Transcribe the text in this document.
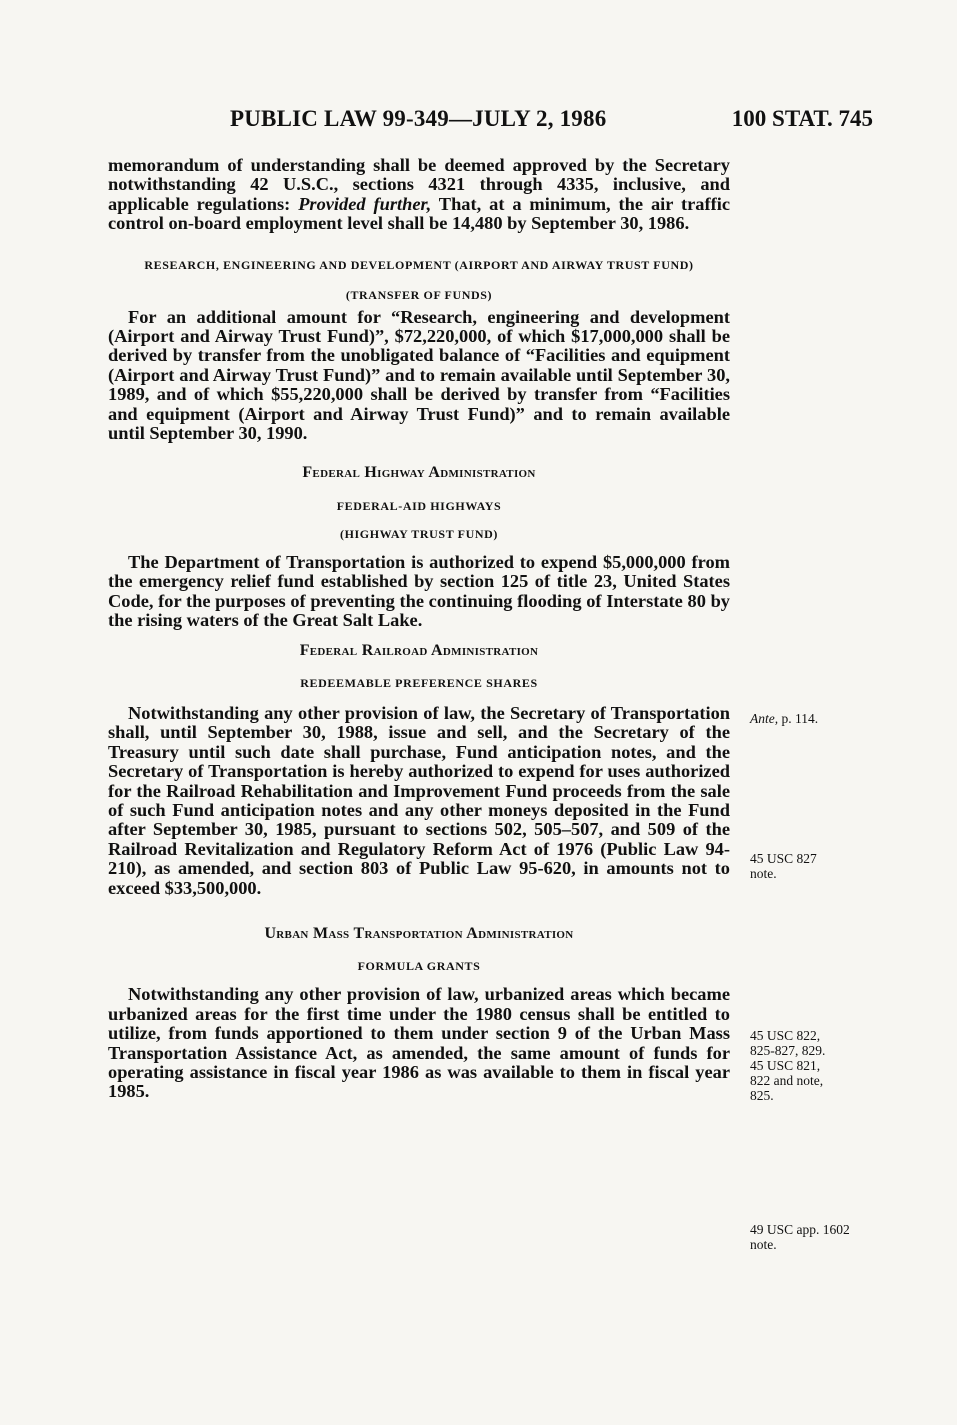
PUBLIC LAW 99-349—JULY 2, 1986	100 STAT. 745

memorandum of understanding shall be deemed approved by the Secretary notwithstanding 42 U.S.C., sections 4321 through 4335, inclusive, and applicable regulations: Provided further, That, at a minimum, the air traffic control on-board employment level shall be 14,480 by September 30, 1986.

RESEARCH, ENGINEERING AND DEVELOPMENT (AIRPORT AND AIRWAY TRUST FUND)
(TRANSFER OF FUNDS)

For an additional amount for “Research, engineering and development (Airport and Airway Trust Fund)”, $72,220,000, of which $17,000,000 shall be derived by transfer from the unobligated balance of “Facilities and equipment (Airport and Airway Trust Fund)” and to remain available until September 30, 1989, and of which $55,220,000 shall be derived by transfer from “Facilities and equipment (Airport and Airway Trust Fund)” and to remain available until September 30, 1990.

Federal Highway Administration
FEDERAL-AID HIGHWAYS
(HIGHWAY TRUST FUND)

The Department of Transportation is authorized to expend $5,000,000 from the emergency relief fund established by section 125 of title 23, United States Code, for the purposes of preventing the continuing flooding of Interstate 80 by the rising waters of the Great Salt Lake.

Federal Railroad Administration
REDEEMABLE PREFERENCE SHARES

Notwithstanding any other provision of law, the Secretary of Transportation shall, until September 30, 1988, issue and sell, and the Secretary of the Treasury until such date shall purchase, Fund anticipation notes, and the Secretary of Transportation is hereby authorized to expend for uses authorized for the Railroad Rehabilitation and Improvement Fund proceeds from the sale of such Fund anticipation notes and any other moneys deposited in the Fund after September 30, 1985, pursuant to sections 502, 505–507, and 509 of the Railroad Revitalization and Regulatory Reform Act of 1976 (Public Law 94-210), as amended, and section 803 of Public Law 95-620, in amounts not to exceed $33,500,000.

Urban Mass Transportation Administration
FORMULA GRANTS

Notwithstanding any other provision of law, urbanized areas which became urbanized areas for the first time under the 1980 census shall be entitled to utilize, from funds apportioned to them under section 9 of the Urban Mass Transportation Assistance Act, as amended, the same amount of funds for operating assistance in fiscal year 1986 as was available to them in fiscal year 1985.

Ante, p. 114.
45 USC 827
note.
45 USC 822,
825-827, 829.
45 USC 821,
822 and note,
825.
49 USC app. 1602
note.
